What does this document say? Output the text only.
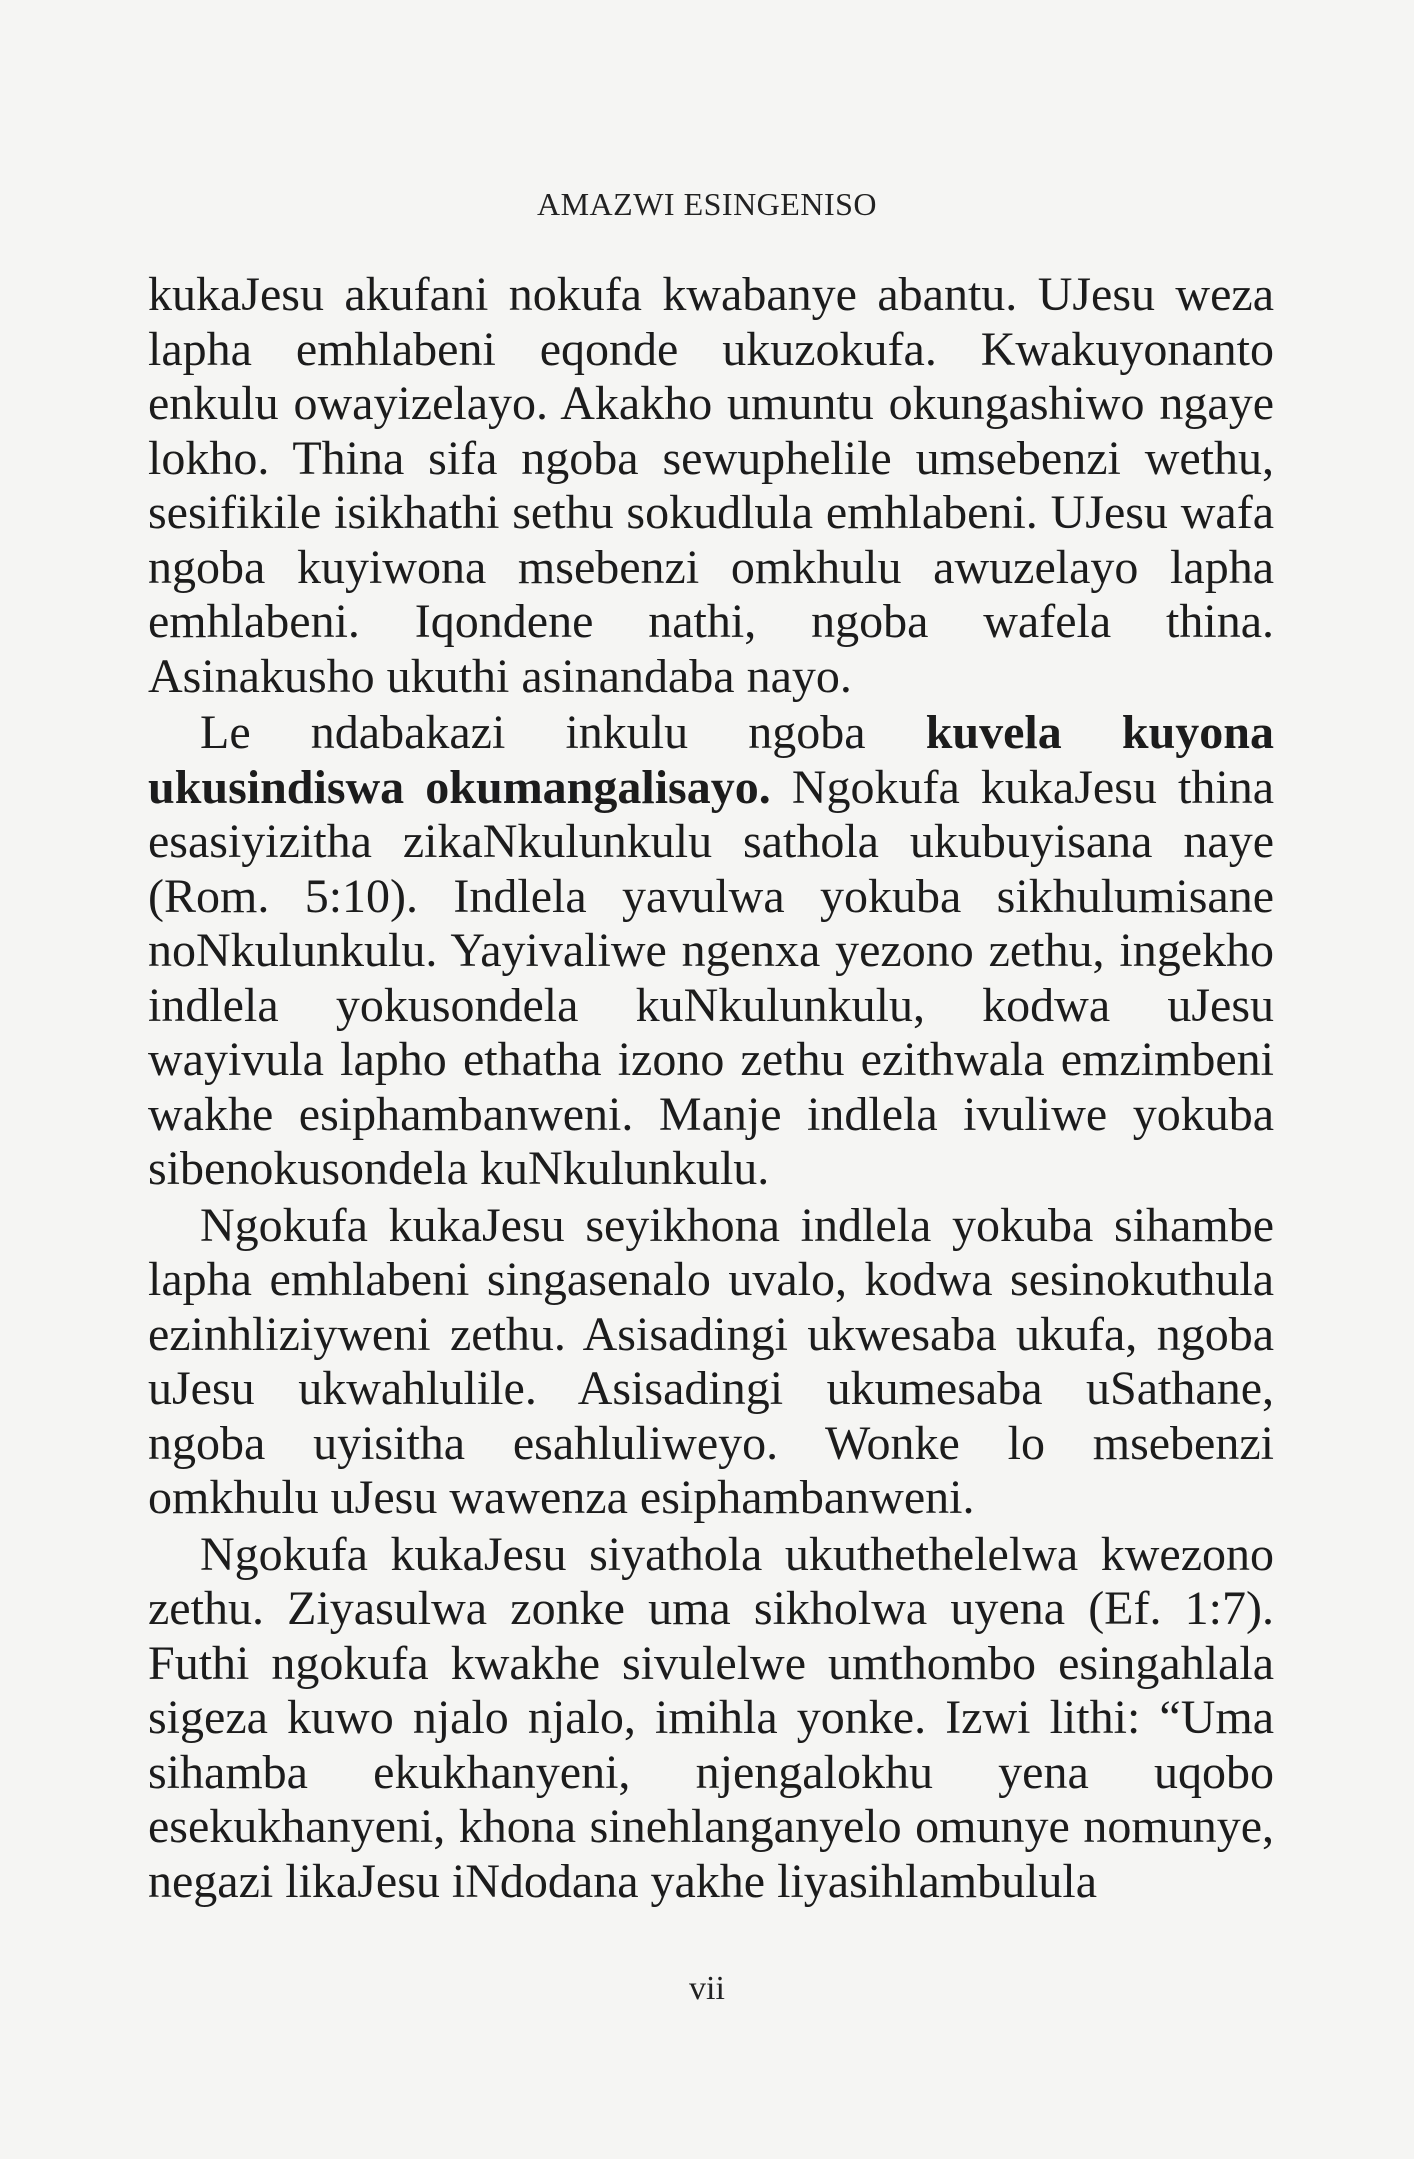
AMAZWI ESINGENISO

kukaJesu akufani nokufa kwabanye abantu. UJesu weza lapha emhlabeni eqonde ukuzokufa. Kwakuyonanto enkulu owayizelayo. Akakho umuntu okungashiwo ngaye lokho. Thina sifa ngoba sewuphelile umsebenzi wethu, sesifikile isikhathi sethu sokudlula emhlabeni. UJesu wafa ngoba kuyiwona msebenzi omkhulu awuzelayo lapha emhlabeni. Iqondene nathi, ngoba wafela thina. Asinakusho ukuthi asinandaba nayo.

Le ndabakazi inkulu ngoba kuvela kuyona ukusindiswa okumangalisayo. Ngokufa kukaJesu thina esasiyizitha zikaNkulunkulu sathola ukubuyisana naye (Rom. 5:10). Indlela yavulwa yokuba sikhulumisane noNkulunkulu. Yayivaliwe ngenxa yezono zethu, ingekho indlela yokusondela kuNkulunkulu, kodwa uJesu wayivula lapho ethatha izono zethu ezithwala emzimbeni wakhe esiphambanweni. Manje indlela ivuliwe yokuba sibenokusondela kuNkulunkulu.

Ngokufa kukaJesu seyikhona indlela yokuba sihambe lapha emhlabeni singasenalo uvalo, kodwa sesinokuthula ezinhliziyweni zethu. Asisadingi ukwesaba ukufa, ngoba uJesu ukwahlulile. Asisadingi ukumesaba uSathane, ngoba uyisitha esahluliweyo. Wonke lo msebenzi omkhulu uJesu wawenza esiphambanweni.

Ngokufa kukaJesu siyathola ukuthethelelwa kwezono zethu. Ziyasulwa zonke uma sikholwa uyena (Ef. 1:7). Futhi ngokufa kwakhe sivulelwe umthombo esingahlala sigeza kuwo njalo njalo, imihla yonke. Izwi lithi: “Uma sihamba ekukhanyeni, njengalokhu yena uqobo esekukhanyeni, khona sinehlanganyelo omunye nomunye, negazi likaJesu iNdodana yakhe liyasihlambulula

vii
